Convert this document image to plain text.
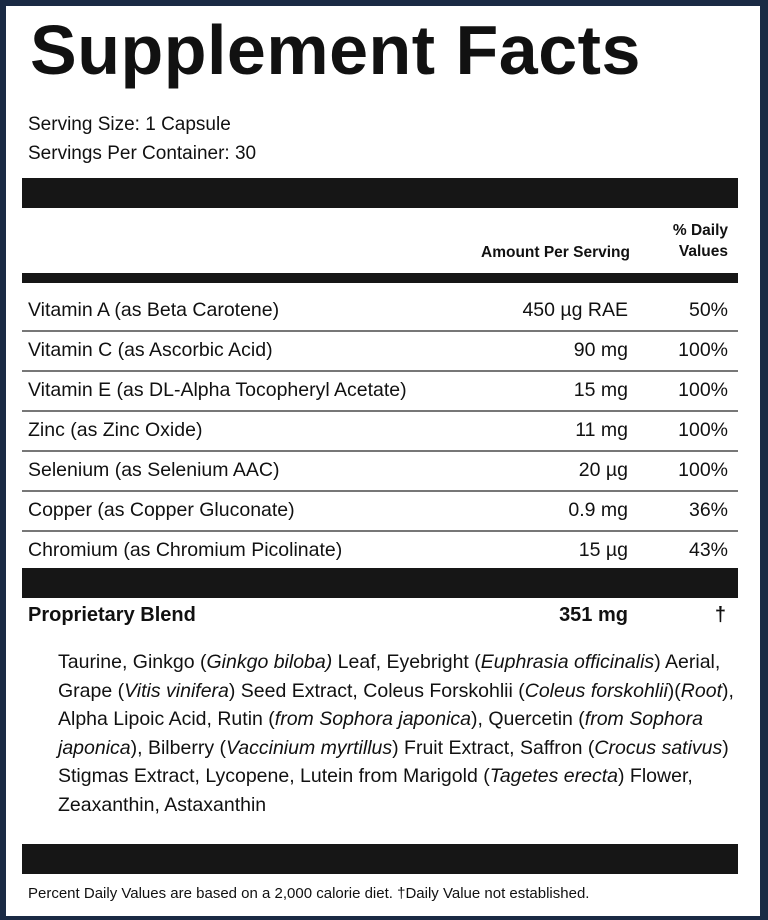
Supplement Facts
Serving Size: 1 Capsule
Servings Per Container: 30
Amount Per Serving
% Daily
Values
Vitamin A (as Beta Carotene)	450 µg RAE	50%
Vitamin C (as Ascorbic Acid)	90 mg	100%
Vitamin E (as DL-Alpha Tocopheryl Acetate)	15 mg	100%
Zinc (as Zinc Oxide)	11 mg	100%
Selenium (as Selenium AAC)	20 µg	100%
Copper (as Copper Gluconate)	0.9 mg	36%
Chromium (as Chromium Picolinate)	15 µg	43%
Proprietary Blend	351 mg	†
Taurine, Ginkgo (Ginkgo biloba) Leaf, Eyebright (Euphrasia officinalis) Aerial, Grape (Vitis vinifera) Seed Extract, Coleus Forskohlii (Coleus forskohlii)(Root), Alpha Lipoic Acid, Rutin (from Sophora japonica), Quercetin (from Sophora japonica), Bilberry (Vaccinium myrtillus) Fruit Extract, Saffron (Crocus sativus) Stigmas Extract, Lycopene, Lutein from Marigold (Tagetes erecta) Flower, Zeaxanthin, Astaxanthin
Percent Daily Values are based on a 2,000 calorie diet. †Daily Value not established.
